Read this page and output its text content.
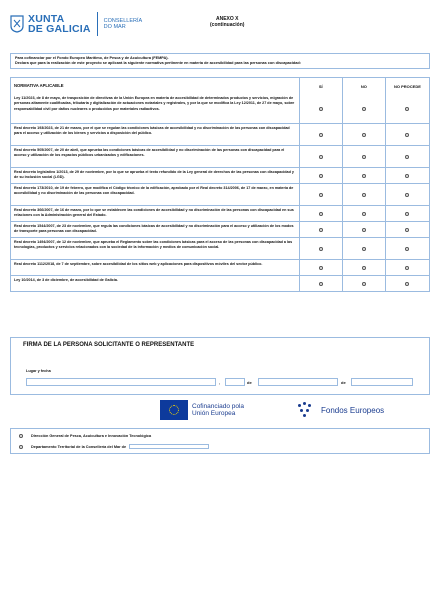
XUNTA
DE GALICIA
CONSELLERÍA
DO MAR
ANEXO X
(continuación)
Para cofinanciar por el Fondo Europeo Marítimo, de Pesca y de Acuicultura (FEMPA).
Declara que para la realización de este proyecto se aplicará la siguiente normativa pertinente en materia de accesibilidad para las personas con discapacidad:
NORMATIVA APLICABLE	SÍ	NO	NO PROCEDE
Ley 11/2023, de 8 de mayo, de trasposición de directivas de la Unión Europea en materia de accesibilidad de determinados productos y servicios, migración de personas altamente cualificadas, tributaria y digitalización de actuaciones notariales y registrales, y por la que se modifica la Ley 12/2011, de 27 de mayo, sobre responsabilidad civil por daños nucleares o producidos por materiales radiactivos.
Real decreto 193/2023, de 21 de marzo, por el que se regulan las condiciones básicas de accesibilidad y no discriminación de las personas con discapacidad para el acceso y utilización de los bienes y servicios a disposición del público.
Real decreto 505/2007, de 20 de abril, que aprueba las condiciones básicas de accesibilidad y no discriminación de las personas con discapacidad para el acceso y utilización de los espacios públicos urbanizados y edificaciones.
Real decreto legislativo 1/2013, de 29 de noviembre, por lo que se aprueba el texto refundido de la Ley general de derechos de las personas con discapacidad y de su inclusión social (LGD).
Real decreto 173/2010, de 19 de febrero, que modifica el Código técnico de la edificación, aprobado por el Real decreto 314/2006, de 17 de marzo, en materia de accesibilidad y no discriminación de las personas con discapacidad.
Real decreto 366/2007, de 16 de marzo, por lo que se establecen las condiciones de accesibilidad y no discriminación de las personas con discapacidad en sus relaciones con la Administración general del Estado.
Real decreto 1544/2007, de 23 de noviembre, que regula las condiciones básicas de accesibilidad y no discriminación para el acceso y utilización de los modos de transporte para personas con discapacidad.
Real decreto 1494/2007, de 12 de noviembre, que aprueba el Reglamento sobre las condiciones básicas para el acceso de las personas con discapacidad a las tecnologías, productos y servicios relacionados con la sociedad de la información y medios de comunicación social.
Real decreto 1112/2018, de 7 de septiembre, sobre accesibilidad de los sitios web y aplicaciones para dispositivos móviles del sector público.
Ley 10/2014, de 3 de diciembre, de accesibilidad de Galicia.
FIRMA DE LA PERSONA SOLICITANTE O REPRESENTANTE
Lugar y fecha
,	de	de
Cofinanciado pola
Unión Europea	Fondos Europeos
Dirección General de Pesca, Acuicultura e Innovación Tecnológica
Departamento Territorial de la Consellería del Mar de
